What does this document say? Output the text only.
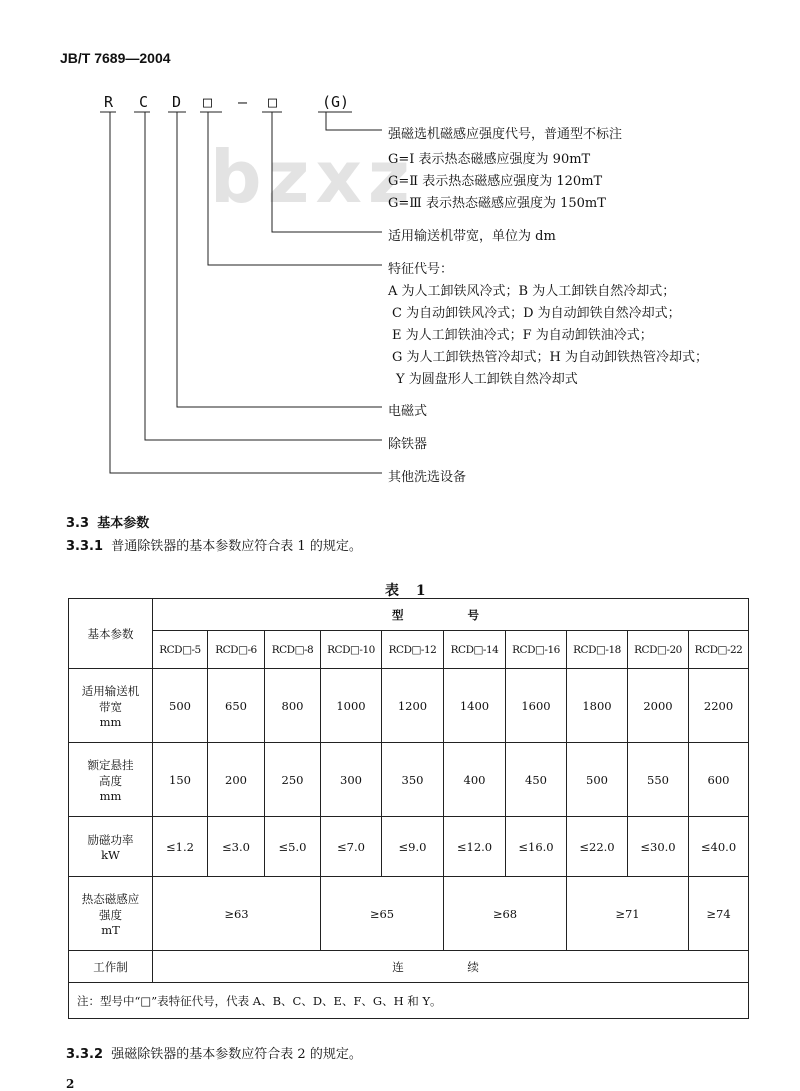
JB/T 7689—2004
bzxz
R C D □ — □	(G)
强磁选机磁感应强度代号，普通型不标注
G=Ⅰ 表示热态磁感应强度为 90mT
G=Ⅱ 表示热态磁感应强度为 120mT
G=Ⅲ 表示热态磁感应强度为 150mT
适用输送机带宽，单位为 dm
特征代号：
A 为人工卸铁风冷式；B 为人工卸铁自然冷却式；
C 为自动卸铁风冷式；D 为自动卸铁自然冷却式；
E 为人工卸铁油冷式；F 为自动卸铁油冷式；
G 为人工卸铁热管冷却式；H 为自动卸铁热管冷却式；
Y 为圆盘形人工卸铁自然冷却式
电磁式
除铁器
其他洗选设备
3.3 基本参数
3.3.1 普通除铁器的基本参数应符合表 1 的规定。
表 1
基本参数	型 号									
	RCD□-5	RCD□-6	RCD□-8	RCD□-10	RCD□-12	RCD□-14	RCD□-16	RCD□-18	RCD□-20	RCD□-22

适用输送机
带宽
mm	500	650	800	1000	1200	1400	1600	1800	2000	2200

额定悬挂
高度
mm	150	200	250	300	350	400	450	500	550	600

励磁功率
kW	≤1.2	≤3.0	≤5.0	≤7.0	≤9.0	≤12.0	≤16.0	≤22.0	≤30.0	≤40.0

热态磁感应
强度
mT	≥63			≥65		≥68		≥71		≥74
工作制	连 续									
注：型号中“□”表特征代号，代表 A、B、C、D、E、F、G、H 和 Y。										
3.3.2 强磁除铁器的基本参数应符合表 2 的规定。
2
